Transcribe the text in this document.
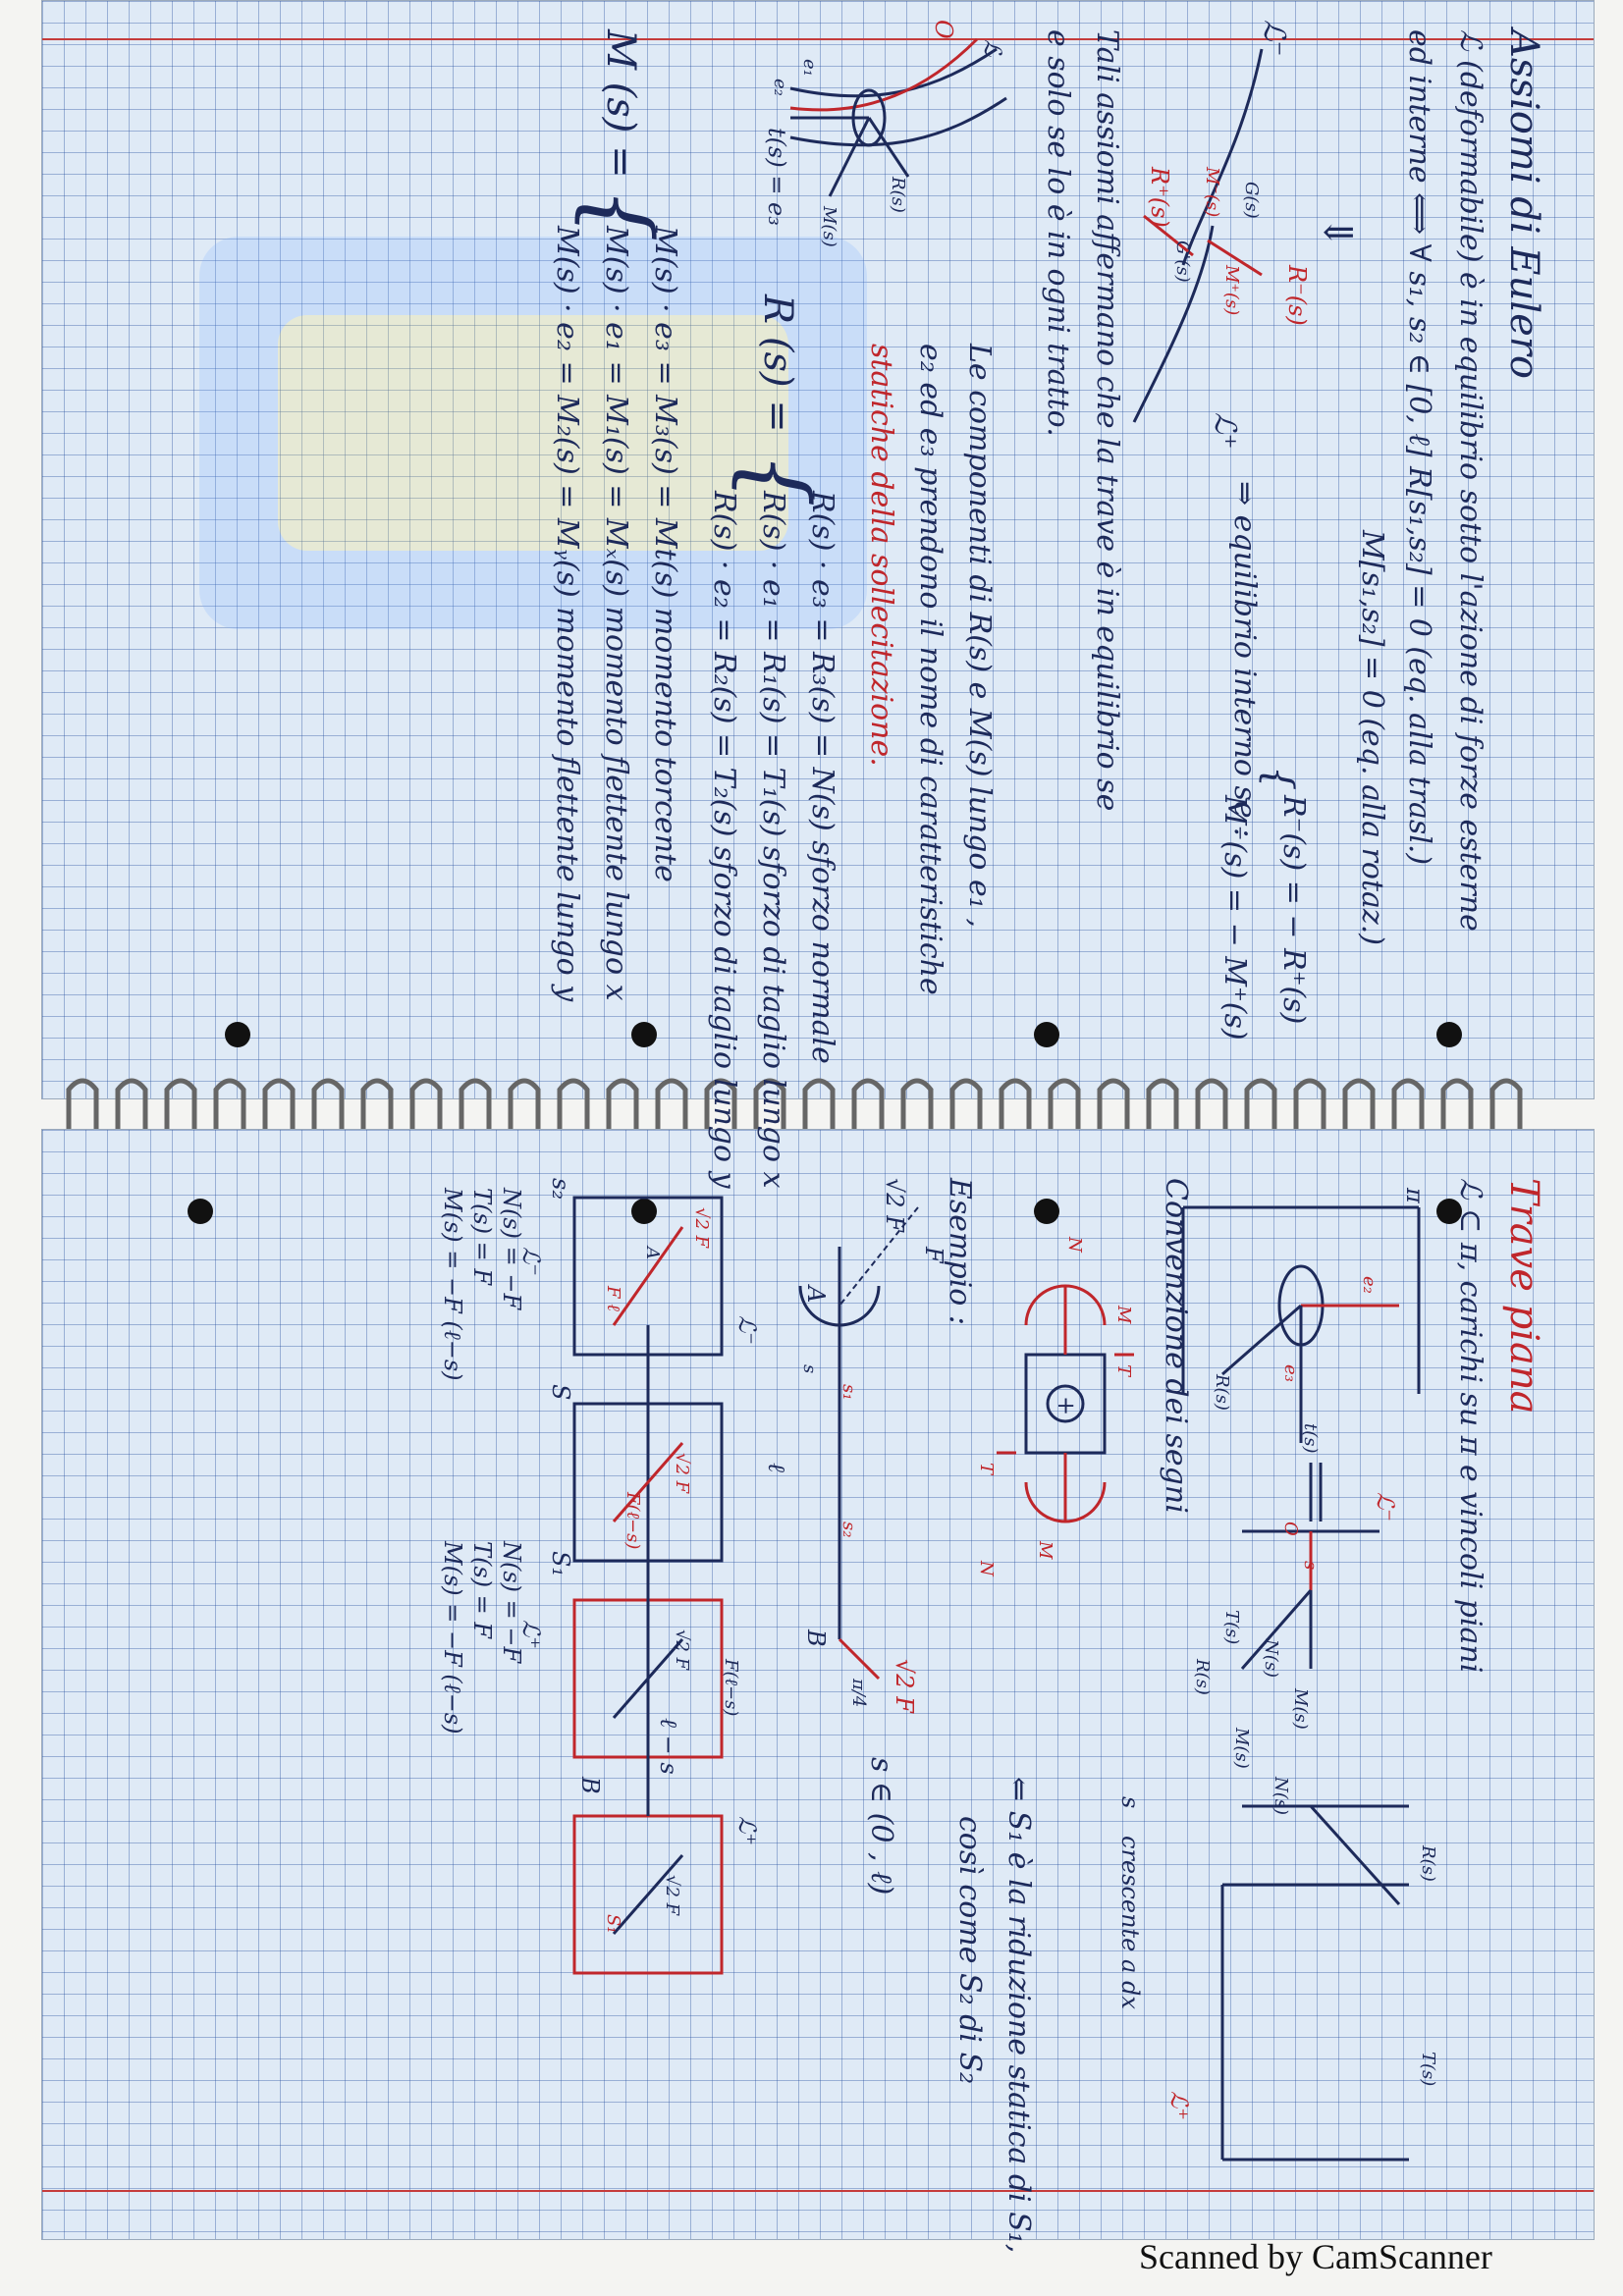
Assiomi di Eulero
ℒ (deformabile) è in equilibrio sotto l'azione di forze esterne
ed interne ⟺ ∀ s₁, s₂ ∈ [0, ℓ] R[s₁,s₂] = 0 (eq. alla trasl.)
M[s₁,s₂] = 0 (eq. alla rotaz.)
⇓
ℒ⁻
R⁻(s)
M⁻(s) G(s)
G'(s)
R⁺(s)
M⁺(s)
ℒ⁺
⇒ equilibrio interno se :
{
R⁻(s) = − R⁺(s)
M⁻(s) = − M⁺(s)
Tali assiomi affermano che la trave è in equilibrio se
e solo se lo è in ogni tratto.
ℒ
O
R(s)
M(s)
t(s) = e₃
e₁
e₂
Le componenti di R(s) e M(s) lungo e₁ ,
e₂ ed e₃ prendono il nome di caratteristiche
statiche della sollecitazione.
R (s) =
{
R(s) · e₃ = R₃(s) = N(s) sforzo normale
R(s) · e₁ = R₁(s) = T₁(s) sforzo di taglio lungo x
R(s) · e₂ = R₂(s) = T₂(s) sforzo di taglio lungo y
M (s) =
{
M(s) · e₃ = M₃(s) = Mt(s) momento torcente
M(s) · e₁ = M₁(s) = Mₓ(s) momento flettente lungo x
M(s) · e₂ = M₂(s) = Mᵧ(s) momento flettente lungo y
Trave piana
ℒ ⊂ π, carichi su π e vincoli piani
π
e₂
e₃
R(s)
t(s)
ℒ⁻
O
s
T(s)
R(s)	N(s)
M(s)
M(s)
N(s)
R(s)
T(s)
ℒ⁺
s
crescente a dx
Convenzione dei segni
N
M
T
T
M
N
+
Esempio :
√2 F
F
A
s
B
√2 F
π/4
ℓ
s₁
s₂
s ∈ (0 , ℓ)
ℒ⁻
√2 F
A
F ℓ
s₂
S
√2 F
F(ℓ−s)
S₁
√2 F
F(ℓ−s)
ℓ − s
ℒ⁺
B
√2 F
S₁	⇐ S₁ è la riduzione statica di S₁,
così come S₂ di S₂
ℒ⁻
N(s) = −F
T(s) = F
M(s) = −F (ℓ−s)
ℒ⁺
N(s) = −F
T(s) = F
M(s) = −F (ℓ−s)
Scanned by CamScanner
